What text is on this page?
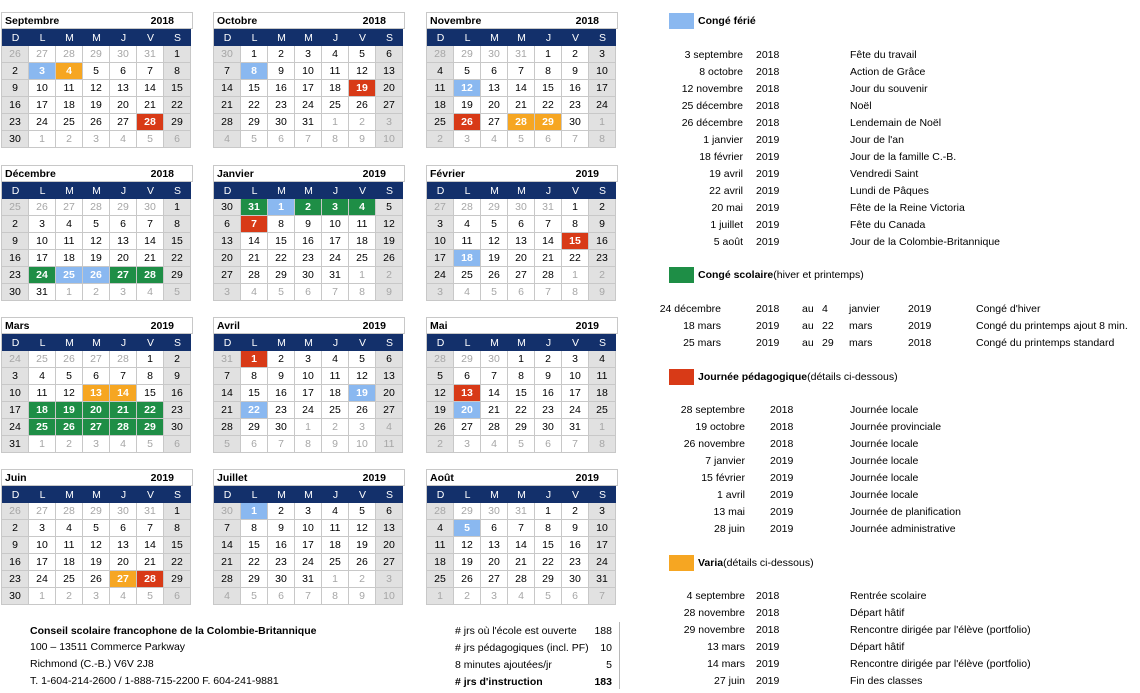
Septembre	2018
D	L	M	M	J	V	S
26	27	28	29	30	31	1
2	3	4	5	6	7	8
9	10	11	12	13	14	15
16	17	18	19	20	21	22
23	24	25	26	27	28	29
30	1	2	3	4	5	6
Octobre	2018
D	L	M	M	J	V	S
30	1	2	3	4	5	6
7	8	9	10	11	12	13
14	15	16	17	18	19	20
21	22	23	24	25	26	27
28	29	30	31	1	2	3
4	5	6	7	8	9	10
Novembre	2018
D	L	M	M	J	V	S
28	29	30	31	1	2	3
4	5	6	7	8	9	10
11	12	13	14	15	16	17
18	19	20	21	22	23	24
25	26	27	28	29	30	1
2	3	4	5	6	7	8
Décembre	2018
D	L	M	M	J	V	S
25	26	27	28	29	30	1
2	3	4	5	6	7	8
9	10	11	12	13	14	15
16	17	18	19	20	21	22
23	24	25	26	27	28	29
30	31	1	2	3	4	5
Janvier	2019
D	L	M	M	J	V	S
30	31	1	2	3	4	5
6	7	8	9	10	11	12
13	14	15	16	17	18	19
20	21	22	23	24	25	26
27	28	29	30	31	1	2
3	4	5	6	7	8	9
Février	2019
D	L	M	M	J	V	S
27	28	29	30	31	1	2
3	4	5	6	7	8	9
10	11	12	13	14	15	16
17	18	19	20	21	22	23
24	25	26	27	28	1	2
3	4	5	6	7	8	9
Mars	2019
D	L	M	M	J	V	S
24	25	26	27	28	1	2
3	4	5	6	7	8	9
10	11	12	13	14	15	16
17	18	19	20	21	22	23
24	25	26	27	28	29	30
31	1	2	3	4	5	6
Avril	2019
D	L	M	M	J	V	S
31	1	2	3	4	5	6
7	8	9	10	11	12	13
14	15	16	17	18	19	20
21	22	23	24	25	26	27
28	29	30	1	2	3	4
5	6	7	8	9	10	11
Mai	2019
D	L	M	M	J	V	S
28	29	30	1	2	3	4
5	6	7	8	9	10	11
12	13	14	15	16	17	18
19	20	21	22	23	24	25
26	27	28	29	30	31	1
2	3	4	5	6	7	8
Juin	2019
D	L	M	M	J	V	S
26	27	28	29	30	31	1
2	3	4	5	6	7	8
9	10	11	12	13	14	15
16	17	18	19	20	21	22
23	24	25	26	27	28	29
30	1	2	3	4	5	6
Juillet	2019
D	L	M	M	J	V	S
30	1	2	3	4	5	6
7	8	9	10	11	12	13
14	15	16	17	18	19	20
21	22	23	24	25	26	27
28	29	30	31	1	2	3
4	5	6	7	8	9	10
Août	2019
D	L	M	M	J	V	S
28	29	30	31	1	2	3
4	5	6	7	8	9	10
11	12	13	14	15	16	17
18	19	20	21	22	23	24
25	26	27	28	29	30	31
1	2	3	4	5	6	7
Congé férié
3 septembre 2018	Fête du travail
8 octobre 2018	Action de Grâce
12 novembre 2018	Jour du souvenir
25 décembre 2018	Noël
26 décembre 2018	Lendemain de Noël
1 janvier 2019	Jour de l'an
18 février 2019	Jour de la famille C.-B.
19 avril 2019	Vendredi Saint
22 avril 2019	Lundi de Pâques
20 mai 2019	Fête de la Reine Victoria
1 juillet 2019	Fête du Canada
5 août 2019	Jour de la Colombie-Britannique
Congé scolaire (hiver et printemps)
24 décembre	2018 au 4 janvier	2019	Congé d'hiver
18 mars	2019 au 22 mars	2019	Congé du printemps ajout 8 min.
25 mars	2019 au 29 mars	2018	Congé du printemps standard
Journée pédagogique (détails ci-dessous)
28 septembre 2018	Journée locale
19 octobre 2018	Journée provinciale
26 novembre 2018	Journée locale
7 janvier 2019	Journée locale
15 février 2019	Journée locale
1 avril 2019	Journée locale
13 mai 2019	Journée de planification
28 juin 2019	Journée administrative
Varia (détails ci-dessous)
4 septembre 2018	Rentrée scolaire
28 novembre 2018	Départ hâtif
29 novembre 2018	Rencontre dirigée par l'élève (portfolio)
13 mars 2019	Départ hâtif
14 mars 2019	Rencontre dirigée par l'élève (portfolio)
27 juin 2019	Fin des classes
Conseil scolaire francophone de la Colombie-Britannique
100 – 13511 Commerce Parkway
Richmond (C.-B.) V6V 2J8
T. 1-604-214-2600 / 1-888-715-2200 F. 604-241-9881
# jrs où l'école est ouverte 188
# jrs pédagogiques (incl. PF) 10
8 minutes ajoutées/jr	5
# jrs d'instruction	183
